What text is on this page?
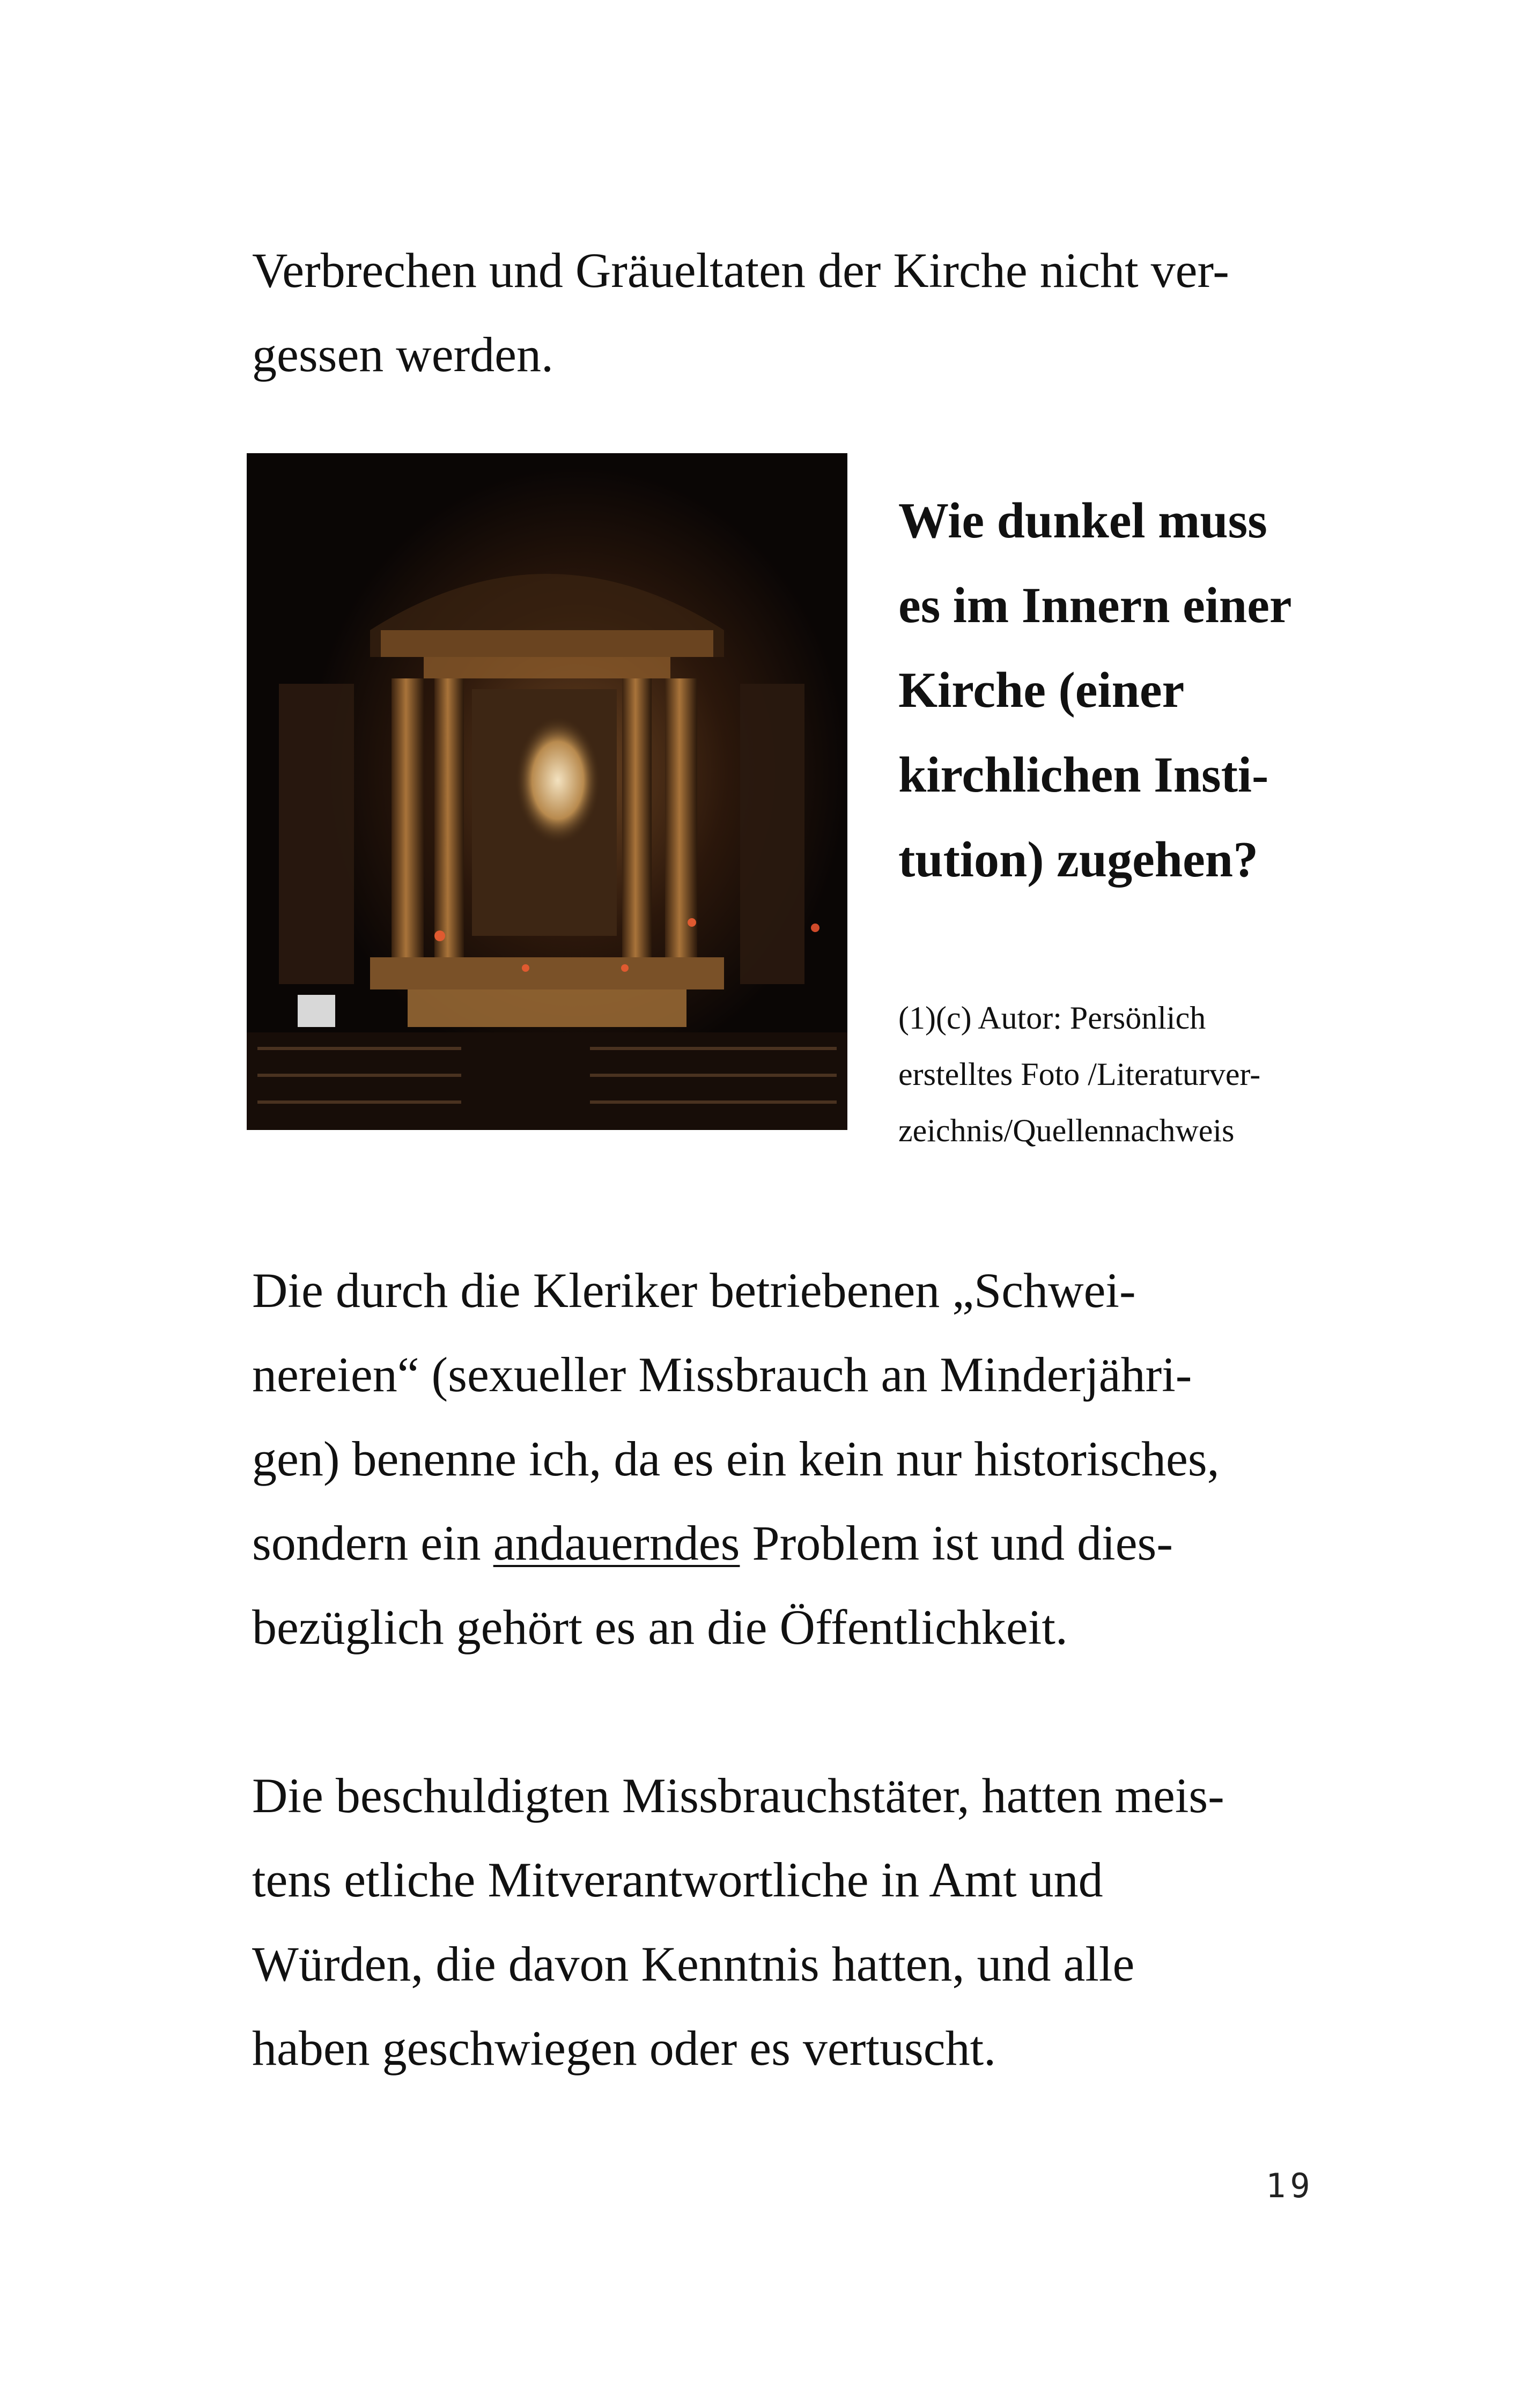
Verbrechen und Gräueltaten der Kirche nicht ver-

gessen werden.

Wie dunkel muss

es im Innern einer

Kirche (einer

kirchlichen Insti-

tution) zugehen?

(1)(c) Autor: Persönlich

erstelltes Foto /Literaturver-

zeichnis/Quellennachweis

Die durch die Kleriker betriebenen „Schwei-

nereien“ (sexueller Missbrauch an Minderjähri-

gen) benenne ich, da es ein kein nur historisches,

sondern ein andauerndes Problem ist und dies-

bezüglich gehört es an die Öffentlichkeit.

Die beschuldigten Missbrauchstäter, hatten meis-

tens etliche Mitverantwortliche in Amt und

Würden, die davon Kenntnis hatten, und alle

haben geschwiegen oder es vertuscht.

19
